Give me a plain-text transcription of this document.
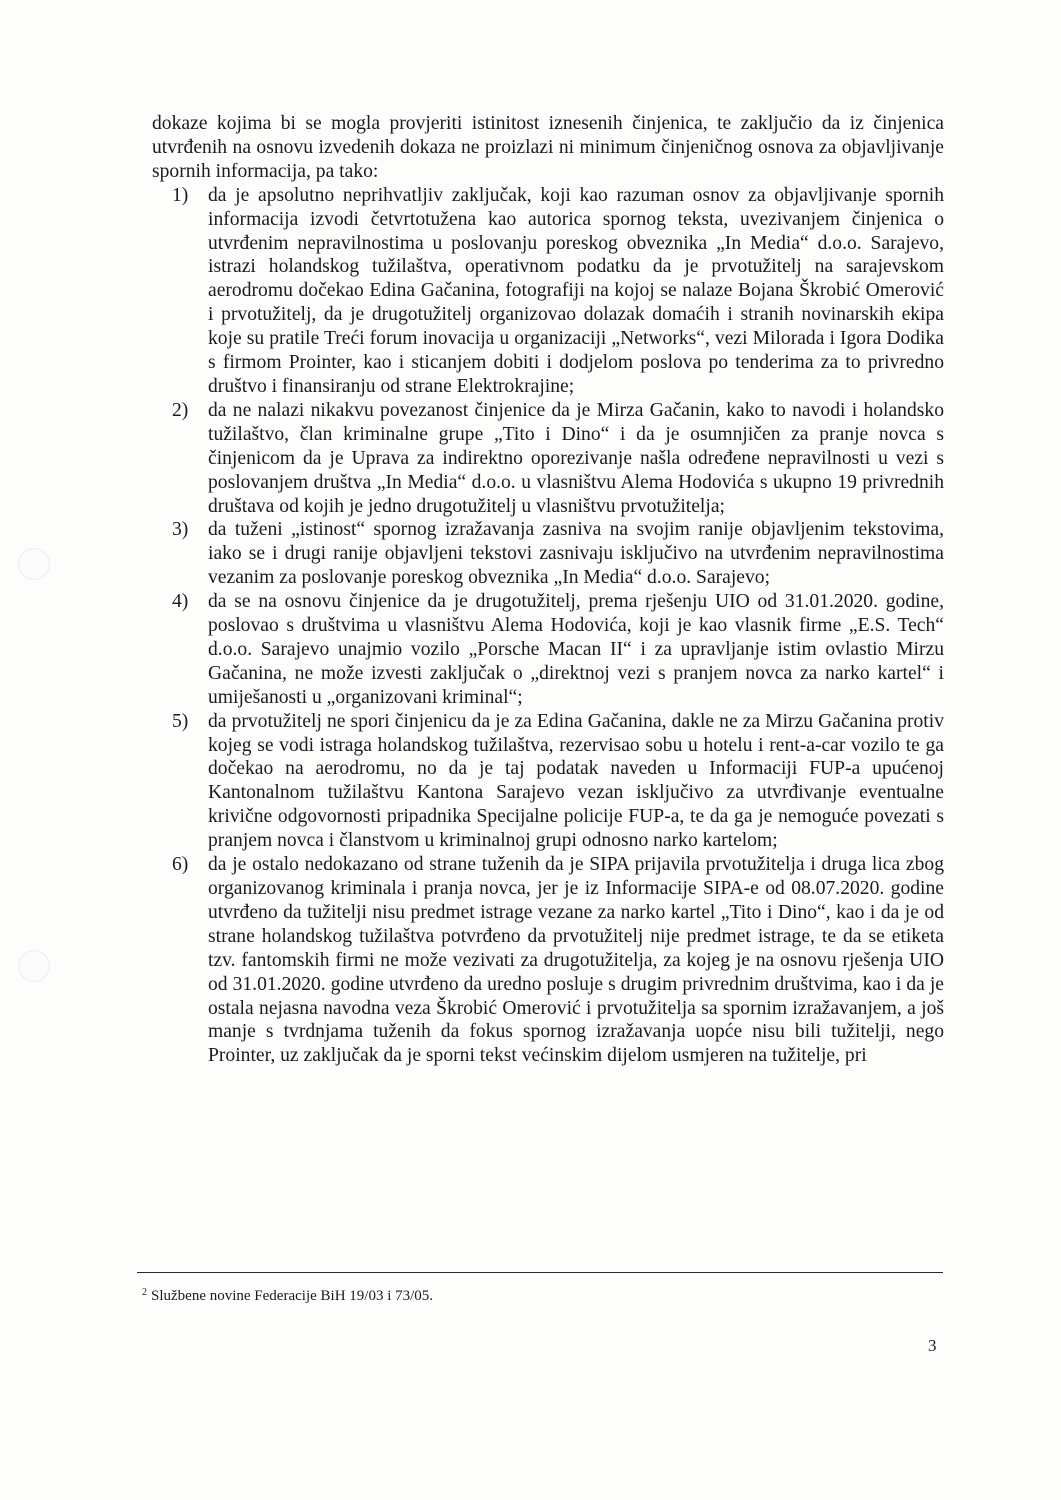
dokaze kojima bi se mogla provjeriti istinitost iznesenih činjenica, te zaključio da iz činjenica utvrđenih na osnovu izvedenih dokaza ne proizlazi ni minimum činjeničnog osnova za objavljivanje spornih informacija, pa tako:

1) da je apsolutno neprihvatljiv zaključak, koji kao razuman osnov za objavljivanje spornih informacija izvodi četvrtotužena kao autorica spornog teksta, uvezivanjem činjenica o utvrđenim nepravilnostima u poslovanju poreskog obveznika „In Media“ d.o.o. Sarajevo, istrazi holandskog tužilaštva, operativnom podatku da je prvotužitelj na sarajevskom aerodromu dočekao Edina Gačanina, fotografiji na kojoj se nalaze Bojana Škrobić Omerović i prvotužitelj, da je drugotužitelj organizovao dolazak domaćih i stranih novinarskih ekipa koje su pratile Treći forum inovacija u organizaciji „Networks“, vezi Milorada i Igora Dodika s firmom Prointer, kao i sticanjem dobiti i dodjelom poslova po tenderima za to privredno društvo i finansiranju od strane Elektrokrajine;
2) da ne nalazi nikakvu povezanost činjenice da je Mirza Gačanin, kako to navodi i holandsko tužilaštvo, član kriminalne grupe „Tito i Dino“ i da je osumnjičen za pranje novca s činjenicom da je Uprava za indirektno oporezivanje našla određene nepravilnosti u vezi s poslovanjem društva „In Media“ d.o.o. u vlasništvu Alema Hodovića s ukupno 19 privrednih društava od kojih je jedno drugotužitelj u vlasništvu prvotužitelja;
3) da tuženi „istinost“ spornog izražavanja zasniva na svojim ranije objavljenim tekstovima, iako se i drugi ranije objavljeni tekstovi zasnivaju isključivo na utvrđenim nepravilnostima vezanim za poslovanje poreskog obveznika „In Media“ d.o.o. Sarajevo;
4) da se na osnovu činjenice da je drugotužitelj, prema rješenju UIO od 31.01.2020. godine, poslovao s društvima u vlasništvu Alema Hodovića, koji je kao vlasnik firme „E.S. Tech“ d.o.o. Sarajevo unajmio vozilo „Porsche Macan II“ i za upravljanje istim ovlastio Mirzu Gačanina, ne može izvesti zaključak o „direktnoj vezi s pranjem novca za narko kartel“ i umiješanosti u „organizovani kriminal“;
5) da prvotužitelj ne spori činjenicu da je za Edina Gačanina, dakle ne za Mirzu Gačanina protiv kojeg se vodi istraga holandskog tužilaštva, rezervisao sobu u hotelu i rent-a-car vozilo te ga dočekao na aerodromu, no da je taj podatak naveden u Informaciji FUP-a upućenoj Kantonalnom tužilaštvu Kantona Sarajevo vezan isključivo za utvrđivanje eventualne krivične odgovornosti pripadnika Specijalne policije FUP-a, te da ga je nemoguće povezati s pranjem novca i članstvom u kriminalnoj grupi odnosno narko kartelom;
6) da je ostalo nedokazano od strane tuženih da je SIPA prijavila prvotužitelja i druga lica zbog organizovanog kriminala i pranja novca, jer je iz Informacije SIPA-e od 08.07.2020. godine utvrđeno da tužitelji nisu predmet istrage vezane za narko kartel „Tito i Dino“, kao i da je od strane holandskog tužilaštva potvrđeno da prvotužitelj nije predmet istrage, te da se etiketa tzv. fantomskih firmi ne može vezivati za drugotužitelja, za kojeg je na osnovu rješenja UIO od 31.01.2020. godine utvrđeno da uredno posluje s drugim privrednim društvima, kao i da je ostala nejasna navodna veza Škrobić Omerović i prvotužitelja sa spornim izražavanjem, a još manje s tvrdnjama tuženih da fokus spornog izražavanja uopće nisu bili tužitelji, nego Prointer, uz zaključak da je sporni tekst većinskim dijelom usmjeren na tužitelje, pri
$^2$ Službene novine Federacije BiH 19/03 i 73/05.
3
